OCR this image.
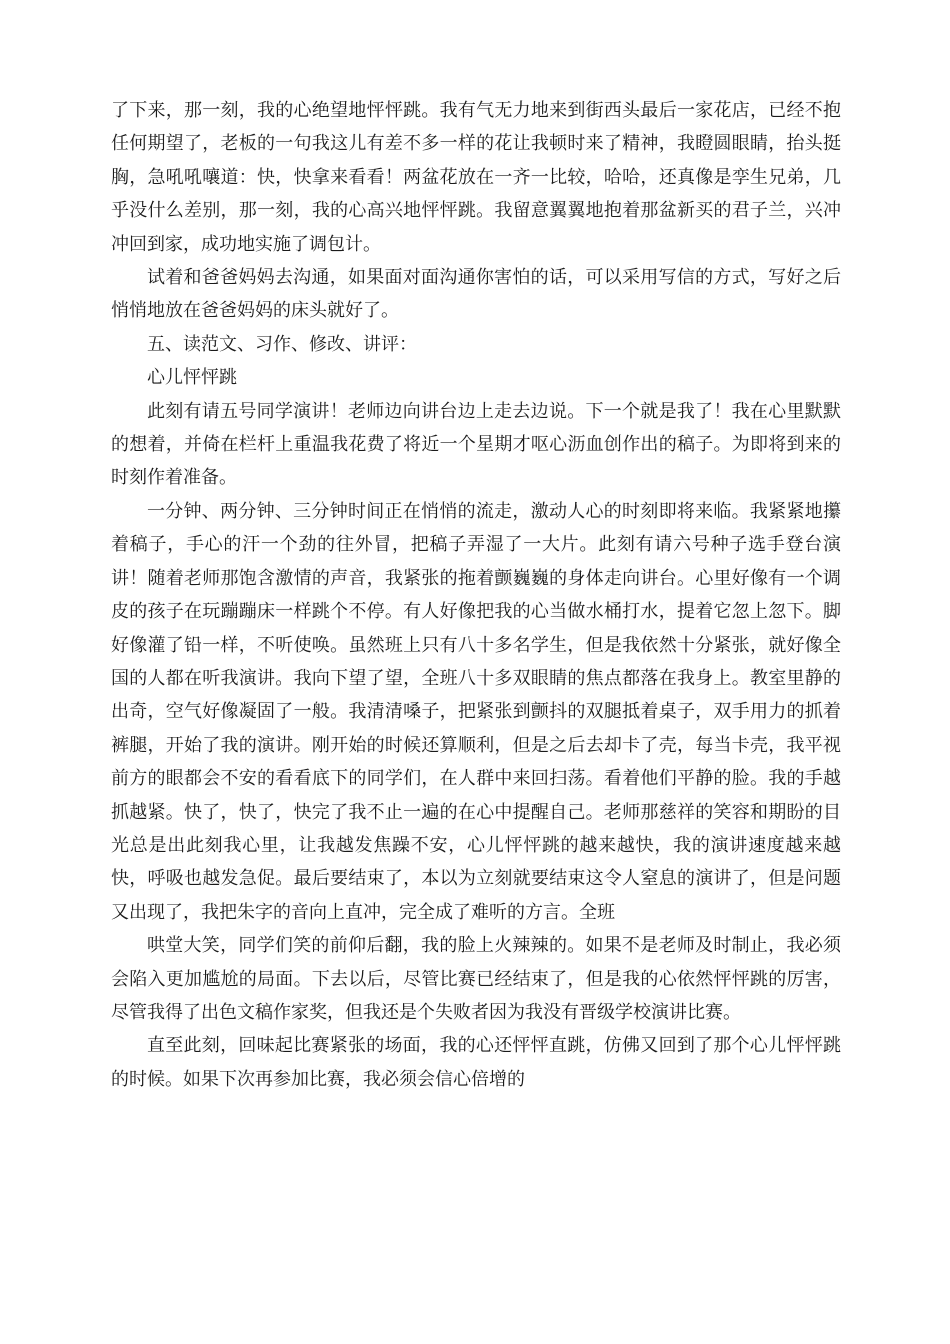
了下来，那一刻，我的心绝望地怦怦跳。我有气无力地来到街西头最后一家花店，已经不抱任何期望了，老板的一句我这儿有差不多一样的花让我顿时来了精神，我瞪圆眼睛，抬头挺胸，急吼吼嚷道：快，快拿来看看！两盆花放在一齐一比较，哈哈，还真像是孪生兄弟，几乎没什么差别，那一刻，我的心高兴地怦怦跳。我留意翼翼地抱着那盆新买的君子兰，兴冲冲回到家，成功地实施了调包计。

试着和爸爸妈妈去沟通，如果面对面沟通你害怕的话，可以采用写信的方式，写好之后悄悄地放在爸爸妈妈的床头就好了。

五、读范文、习作、修改、讲评：

心儿怦怦跳

此刻有请五号同学演讲！老师边向讲台边上走去边说。下一个就是我了！我在心里默默的想着，并倚在栏杆上重温我花费了将近一个星期才呕心沥血创作出的稿子。为即将到来的时刻作着准备。

一分钟、两分钟、三分钟时间正在悄悄的流走，激动人心的时刻即将来临。我紧紧地攥着稿子，手心的汗一个劲的往外冒，把稿子弄湿了一大片。此刻有请六号种子选手登台演讲！随着老师那饱含激情的声音，我紧张的拖着颤巍巍的身体走向讲台。心里好像有一个调皮的孩子在玩蹦蹦床一样跳个不停。有人好像把我的心当做水桶打水，提着它忽上忽下。脚好像灌了铅一样，不听使唤。虽然班上只有八十多名学生，但是我依然十分紧张，就好像全国的人都在听我演讲。我向下望了望，全班八十多双眼睛的焦点都落在我身上。教室里静的出奇，空气好像凝固了一般。我清清嗓子，把紧张到颤抖的双腿抵着桌子，双手用力的抓着裤腿，开始了我的演讲。刚开始的时候还算顺利，但是之后去却卡了壳，每当卡壳，我平视前方的眼都会不安的看看底下的同学们，在人群中来回扫荡。看着他们平静的脸。我的手越抓越紧。快了，快了，快完了我不止一遍的在心中提醒自己。老师那慈祥的笑容和期盼的目光总是出此刻我心里，让我越发焦躁不安，心儿怦怦跳的越来越快，我的演讲速度越来越快，呼吸也越发急促。最后要结束了，本以为立刻就要结束这令人窒息的演讲了，但是问题又出现了，我把朱字的音向上直冲，完全成了难听的方言。全班

哄堂大笑，同学们笑的前仰后翻，我的脸上火辣辣的。如果不是老师及时制止，我必须会陷入更加尴尬的局面。下去以后，尽管比赛已经结束了，但是我的心依然怦怦跳的厉害，尽管我得了出色文稿作家奖，但我还是个失败者因为我没有晋级学校演讲比赛。

直至此刻，回味起比赛紧张的场面，我的心还怦怦直跳，仿佛又回到了那个心儿怦怦跳的时候。如果下次再参加比赛，我必须会信心倍增的
